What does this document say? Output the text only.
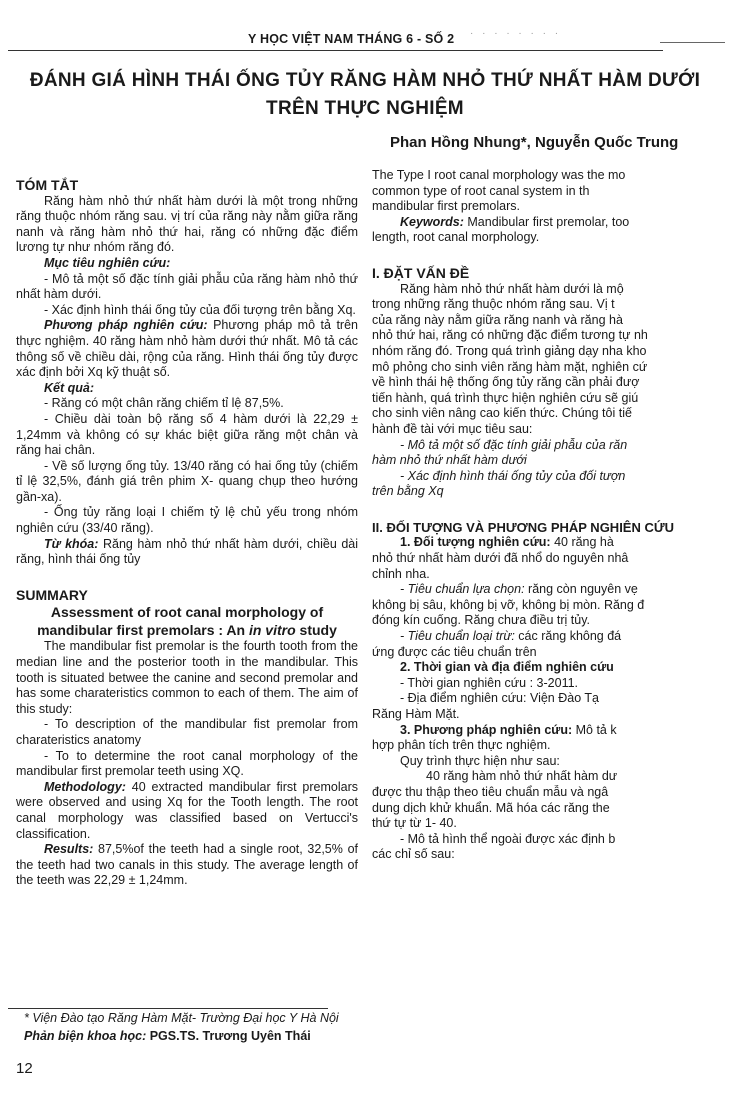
Y HỌC VIỆT NAM THÁNG 6 - SỐ 2 · · · · · · · ·
ĐÁNH GIÁ HÌNH THÁI ỐNG TỦY RĂNG HÀM NHỎ THỨ NHẤT HÀM DƯỚI
TRÊN THỰC NGHIỆM
Phan Hồng Nhung*, Nguyễn Quốc Trung

TÓM TẮT

Răng hàm nhỏ thứ nhất hàm dưới là một trong những răng thuộc nhóm răng sau. vị trí của răng này nằm giữa răng nanh và răng hàm nhỏ thứ hai, răng có những đặc điểm lương tự như nhóm răng đó.

Mục tiêu nghiên cứu:

- Mô tả một số đặc tính giải phẫu của răng hàm nhỏ thứ nhất hàm dưới.

- Xác định hình thái ống tủy của đối tượng trên bằng Xq.

Phương pháp nghiên cứu: Phương pháp mô tả trên thực nghiệm. 40 răng hàm nhỏ hàm dưới thứ nhất. Mô tả các thông số về chiều dài, rộng của răng. Hình thái ống tủy được xác định bởi Xq kỹ thuật số.

Kết quả:

- Răng có một chân răng chiếm tỉ lệ 87,5%.

- Chiều dài toàn bộ răng số 4 hàm dưới là 22,29 ± 1,24mm và không có sự khác biệt giữa răng một chân và răng hai chân.

- Về số lượng ống tủy. 13/40 răng có hai ống tủy (chiếm tỉ lệ 32,5%, đánh giá trên phim X- quang chụp theo hướng gần-xa).

- Ống tủy răng loại I chiếm tỷ lệ chủ yếu trong nhóm nghiên cứu (33/40 răng).

Từ khóa: Răng hàm nhỏ thứ nhất hàm dưới, chiều dài răng, hình thái ống tủy

SUMMARY

Assessment of root canal morphology of

mandibular first premolars : An in vitro study

The mandibular fist premolar is the fourth tooth from the median line and the posterior tooth in the mandibular. This tooth is situated betwee the canine and second premolar and has some charateristics common to each of them. The aim of this study:

- To description of the mandibular fist premolar from charateristics anatomy

- To to determine the root canal morphology of the mandibular first premolar teeth using XQ.

Methodology: 40 extracted mandibular first premolars were observed and using Xq for the Tooth length. The root canal morphology was classified based on Vertucci's classification.

Results: 87,5%of the teeth had a single root, 32,5% of the teeth had two canals in this study. The average length of the teeth was 22,29 ± 1,24mm.

The Type I root canal morphology was the mo

common type of root canal system in th

mandibular first premolars.

Keywords: Mandibular first premolar, too

length, root canal morphology.

I. ĐẶT VẤN ĐỀ

Răng hàm nhỏ thứ nhất hàm dưới là mộ

trong những răng thuộc nhóm răng sau. Vị t

của răng này nằm giữa răng nanh và răng hà

nhỏ thứ hai, răng có những đặc điểm tương tự nh

nhóm răng đó. Trong quá trình giảng dạy nha kho

mô phỏng cho sinh viên răng hàm mặt, nghiên cứ

về hình thái hệ thống ống tủy răng cần phải đượ

tiến hành, quá trình thực hiện nghiên cứu sẽ giú

cho sinh viên nâng cao kiến thức. Chúng tôi tiế

hành đề tài với mục tiêu sau:

- Mô tả một số đặc tính giải phẫu của răn

hàm nhỏ thứ nhất hàm dưới

- Xác định hình thái ống tủy của đối tượn

trên bằng Xq

II. ĐỐI TƯỢNG VÀ PHƯƠNG PHÁP NGHIÊN CỨU

1. Đối tượng nghiên cứu: 40 răng hà

nhỏ thứ nhất hàm dưới đã nhổ do nguyên nhâ

chỉnh nha.

- Tiêu chuẩn lựa chọn: răng còn nguyên vẹ

không bị sâu, không bị vỡ, không bị mòn. Răng đ

đóng kín cuống. Răng chưa điều trị tủy.

- Tiêu chuẩn loại trừ: các răng không đá

ứng được các tiêu chuẩn trên

2. Thời gian và địa điểm nghiên cứu

- Thời gian nghiên cứu : 3-2011.

- Địa điểm nghiên cứu: Viện Đào Tạ

Răng Hàm Mặt.

3. Phương pháp nghiên cứu: Mô tả k

hợp phân tích trên thực nghiệm.

Quy trình thực hiện như sau:

40 răng hàm nhỏ thứ nhất hàm dư

được thu thập theo tiêu chuẩn mẫu và ngâ

dung dịch khử khuẩn. Mã hóa các răng the

thứ tự từ 1- 40.

- Mô tả hình thể ngoài được xác định b

các chỉ số sau:

* Viện Đào tạo Răng Hàm Mặt- Trường Đại học Y Hà Nội
Phản biện khoa học: PGS.TS. Trương Uyên Thái
12
